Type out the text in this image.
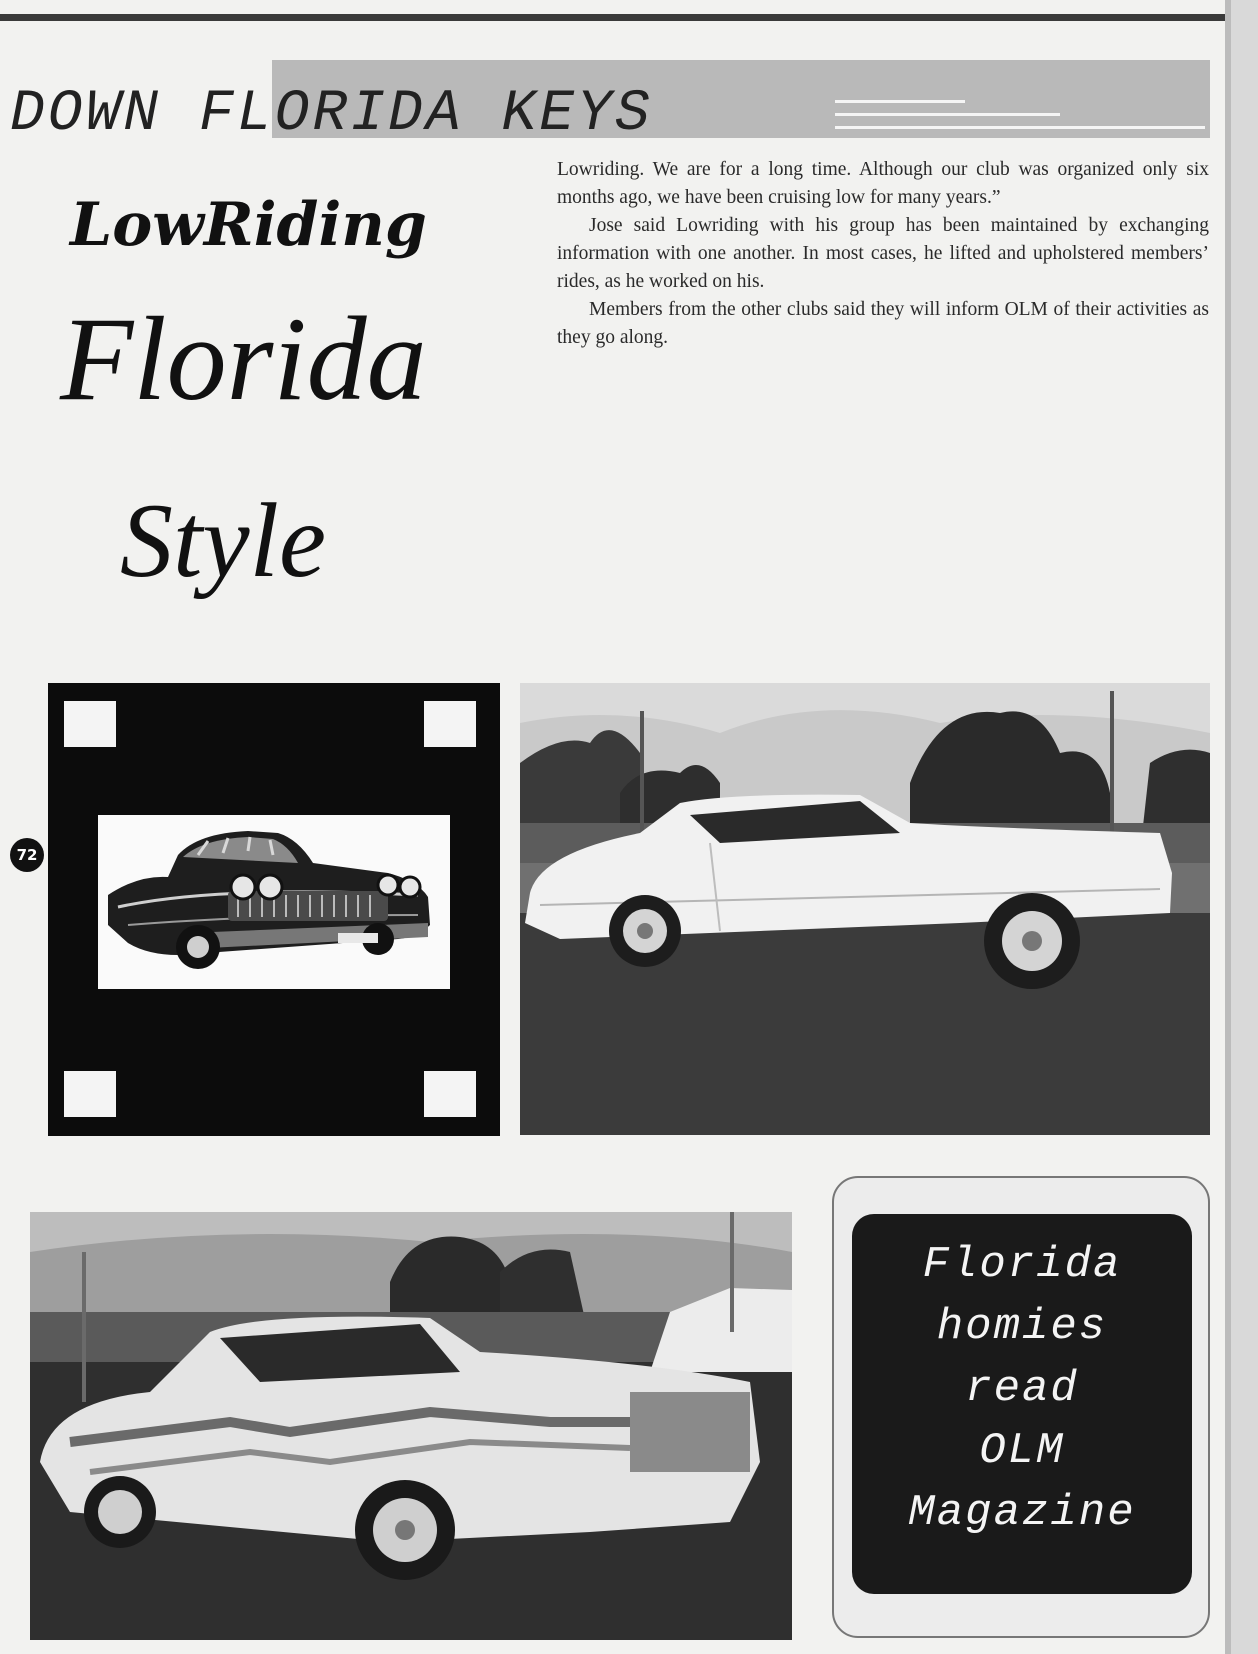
DOWN FLORIDA KEYS
LowRiding
Florida
Style

Lowriding. We are for a long time. Although our club was organized only six months ago, we have been cruising low for many years.”

Jose said Lowriding with his group has been maintained by exchanging information with one another. In most cases, he lifted and upholstered members’ rides, as he worked on his.

Members from the other clubs said they will inform OLM of their activities as they go along.

72

Florida
homies
read
OLM
Magazine
